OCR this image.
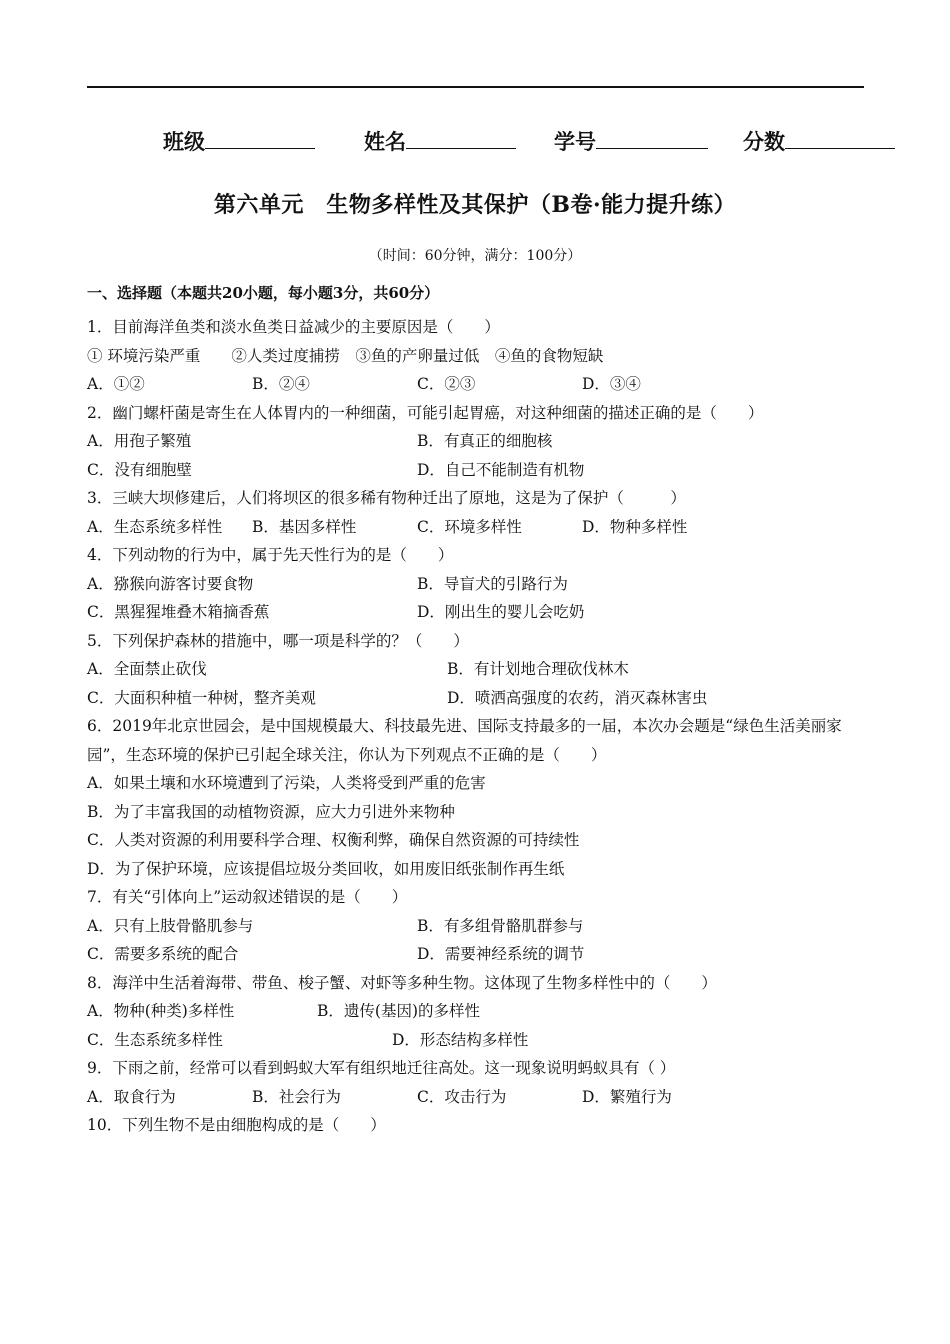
班级	姓名	学号	分数
第六单元　生物多样性及其保护（B卷·能力提升练）
（时间：60分钟，满分：100分）
一、选择题（本题共20小题，每小题3分，共60分）
1．目前海洋鱼类和淡水鱼类日益减少的主要原因是（　　）
① 环境污染严重　　②人类过度捕捞　③鱼的产卵量过低　④鱼的食物短缺
A．①②	B．②④	C．②③	D．③④
2．幽门螺杆菌是寄生在人体胃内的一种细菌，可能引起胃癌，对这种细菌的描述正确的是（　　）
A．用孢子繁殖	B．有真正的细胞核
C．没有细胞壁	D．自己不能制造有机物
3．三峡大坝修建后，人们将坝区的很多稀有物种迁出了原地，这是为了保护（　　　）
A．生态系统多样性 B．基因多样性	C．环境多样性	D．物种多样性
4．下列动物的行为中，属于先天性行为的是（　　）
A．猕猴向游客讨要食物	B．导盲犬的引路行为
C．黑猩猩堆叠木箱摘香蕉	D．刚出生的婴儿会吃奶
5．下列保护森林的措施中，哪一项是科学的？（　　）
A．全面禁止砍伐	B．有计划地合理砍伐林木
C．大面积种植一种树，整齐美观	D．喷洒高强度的农药，消灭森林害虫
6．2019年北京世园会，是中国规模最大、科技最先进、国际支持最多的一届，本次办会题是“绿色生活美丽家园”，生态环境的保护已引起全球关注，你认为下列观点不正确的是（　　）
A．如果土壤和水环境遭到了污染，人类将受到严重的危害
B．为了丰富我国的动植物资源，应大力引进外来物种
C．人类对资源的利用要科学合理、权衡利弊，确保自然资源的可持续性
D．为了保护环境，应该提倡垃圾分类回收，如用废旧纸张制作再生纸
7．有关“引体向上”运动叙述错误的是（　　）
A．只有上肢骨骼肌参与	B．有多组骨骼肌群参与
C．需要多系统的配合	D．需要神经系统的调节
8．海洋中生活着海带、带鱼、梭子蟹、对虾等多种生物。这体现了生物多样性中的（　　）
A．物种(种类)多样性	B．遗传(基因)的多样性
C．生态系统多样性	D．形态结构多样性
9．下雨之前，经常可以看到蚂蚁大军有组织地迁往高处。这一现象说明蚂蚁具有（ ）
A．取食行为	B．社会行为	C．攻击行为	D．繁殖行为
10．下列生物不是由细胞构成的是（　　）
